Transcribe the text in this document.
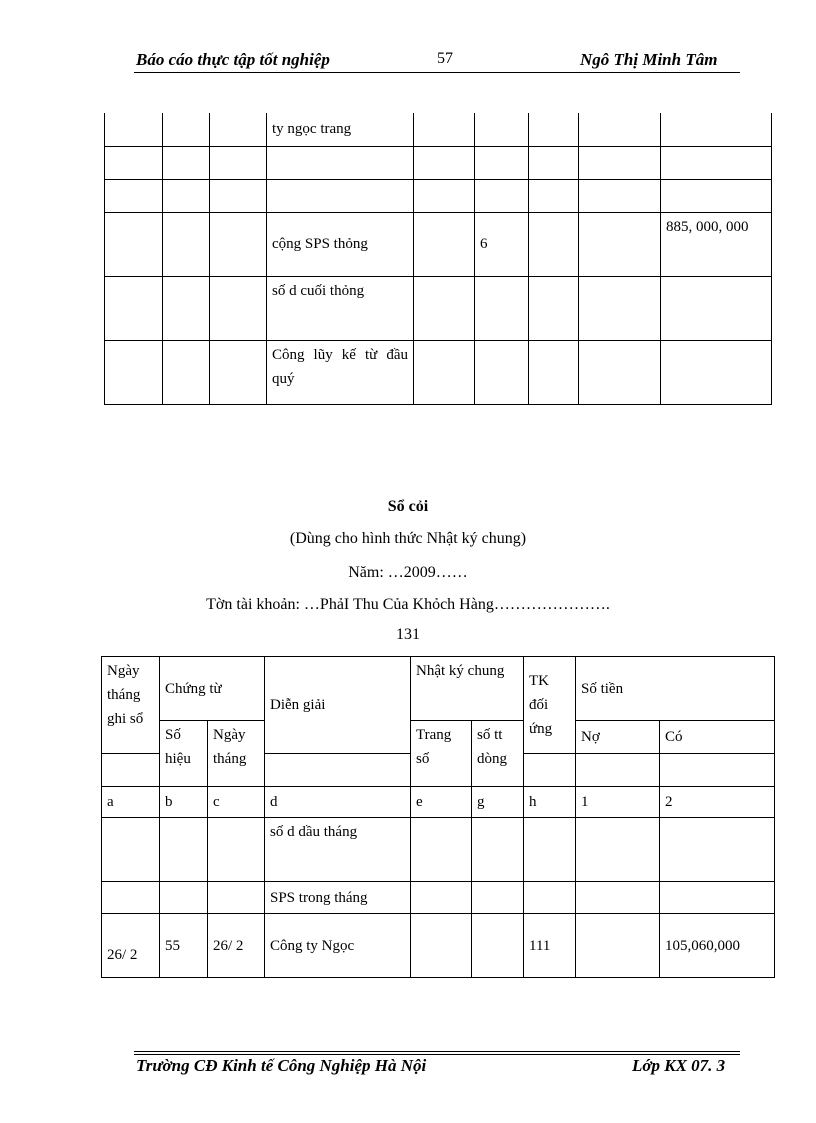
Báo cáo thực tập tốt nghiệp	57	Ngô Thị Minh Tâm
			ty ngọc trang					

			cộng SPS thỏng		6			885, 000, 000
			số d cuối thỏng					
			Công lũy kế từ đầu quý					
Sổ cỏi
(Dùng cho hình thức Nhật ký chung)
Năm: …2009……
Tờn tài khoản: …PhảI Thu Của Khỏch Hàng………………….
131
Ngày tháng ghi sổ	Chứng từ		Diễn giải	Nhật ký chung		TK đối ứng	Số tiền	
	Số hiệu	Ngày tháng		Trang số	số tt dòng		Nợ	Có

a	b	c	d	e	g	h	1	2
			số d dầu tháng					
			SPS trong tháng					
26/ 2	55	26/ 2	Công ty Ngọc			111		105,060,000
Trường CĐ Kinh tế Công Nghiệp Hà Nội	Lớp KX 07. 3
